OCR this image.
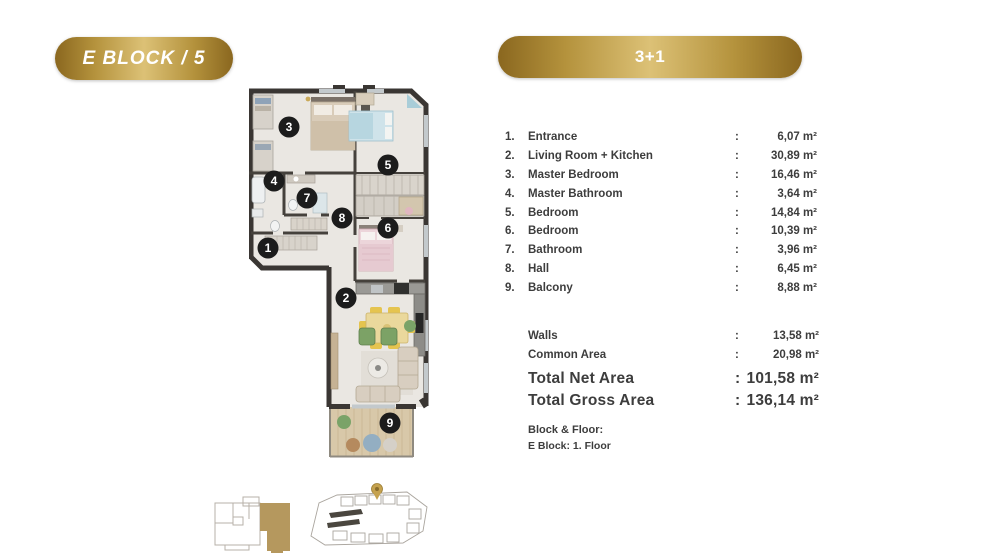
E BLOCK / 5	3+1
1.	Entrance	:	6,07 m²
2.	Living Room + Kitchen	:	30,89 m²
3.	Master Bedroom	:	16,46 m²
4.	Master Bathroom	:	3,64 m²
5.	Bedroom	:	14,84 m²
6.	Bedroom	:	10,39 m²
7.	Bathroom	:	3,96 m²
8.	Hall	:	6,45 m²
9.	Balcony	:	8,88 m²
Walls	:	13,58 m²
Common Area	:	20,98 m²
Total Net Area	: 101,58 m²
Total Gross Area	: 136,14 m²
Block & Floor:
E Block: 1. Floor
1
2
3
4
5
6
7
8
9
